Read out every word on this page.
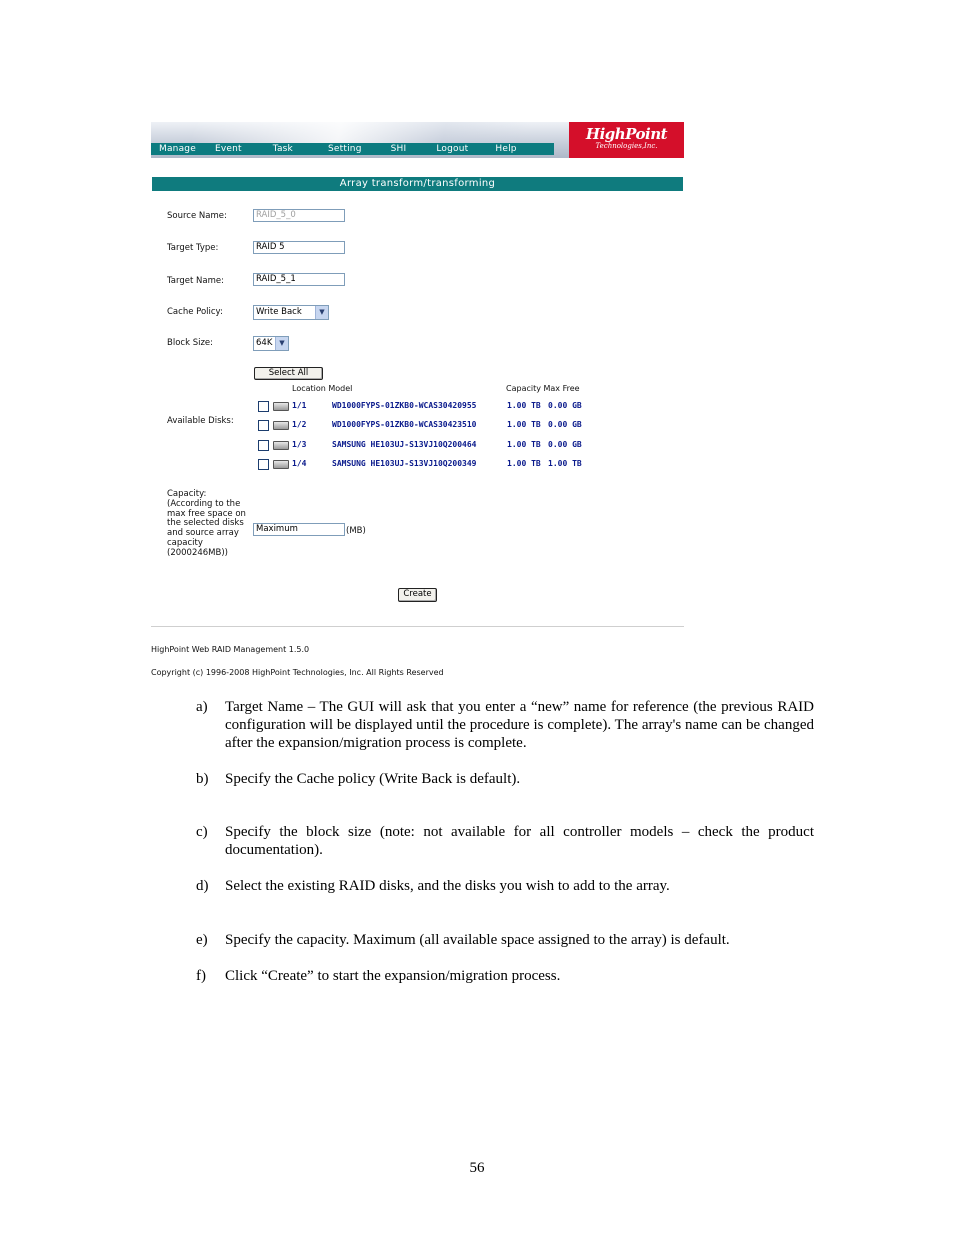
Manage Event	Task	Setting	SHI	Logout	Help
HighPoint
Technologies,Inc.
Array transform/transforming
Source Name:	RAID_5_0
Target Type:	RAID 5
Target Name:	RAID_5_1
Cache Policy:	Write Back	▼
Block Size:	64K ▼
Select All
Location Model	Capacity Max Free
Available Disks:
1/1	WD1000FYPS-01ZKB0-WCAS30420955	1.00 TB 0.00 GB
1/2	WD1000FYPS-01ZKB0-WCAS30423510	1.00 TB 0.00 GB
1/3	SAMSUNG HE103UJ-S13VJ10Q200464	1.00 TB 0.00 GB
1/4	SAMSUNG HE103UJ-S13VJ10Q200349	1.00 TB 1.00 TB
Capacity: (According to the max free space on the selected disks and source array capacity (2000246MB))
Maximum	(MB)
Create
HighPoint Web RAID Management 1.5.0
Copyright (c) 1996-2008 HighPoint Technologies, Inc. All Rights Reserved
a) Target Name – The GUI will ask that you enter a “new” name for reference (the previous RAID configuration will be displayed until the procedure is complete). The array's name can be changed after the expansion/migration process is complete.
b) Specify the Cache policy (Write Back is default).
c) Specify the block size (note: not available for all controller models – check the product documentation).
d) Select the existing RAID disks, and the disks you wish to add to the array.
e) Specify the capacity. Maximum (all available space assigned to the array) is default.
f) Click “Create” to start the expansion/migration process.
56
